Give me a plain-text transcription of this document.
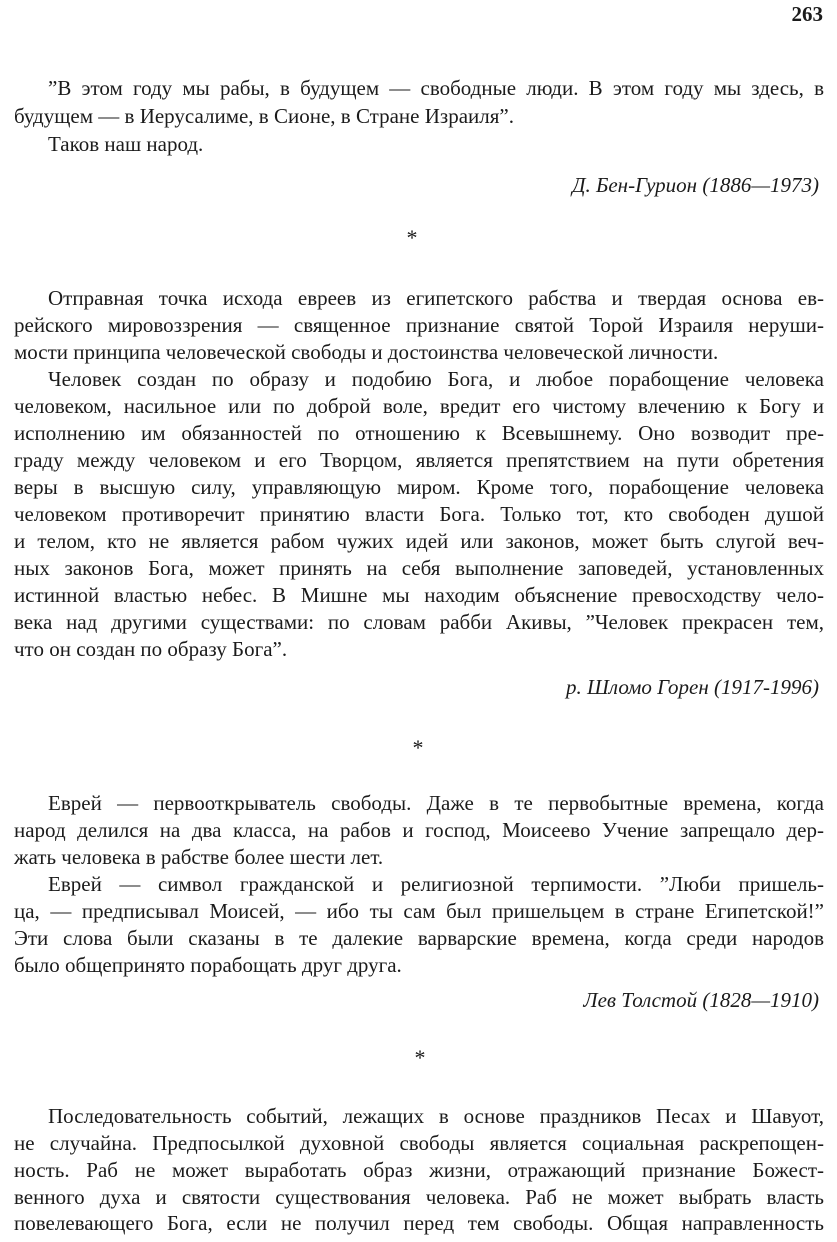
263
”В этом году мы рабы, в будущем — свободные люди. В этом году мы здесь, в
будущем — в Иерусалиме, в Сионе, в Стране Израиля”.
Таков наш народ.
Д. Бен-Гурион (1886—1973)
*
Отправная точка исхода евреев из египетского рабства и твердая основа ев-
рейского мировоззрения — священное признание святой Торой Израиля неруши-
мости принципа человеческой свободы и достоинства человеческой личности.
Человек создан по образу и подобию Бога, и любое порабощение человека
человеком, насильное или по доброй воле, вредит его чистому влечению к Богу и
исполнению им обязанностей по отношению к Всевышнему. Оно возводит пре-
граду между человеком и его Творцом, является препятствием на пути обретения
веры в высшую силу, управляющую миром. Кроме того, порабощение человека
человеком противоречит принятию власти Бога. Только тот, кто свободен душой
и телом, кто не является рабом чужих идей или законов, может быть слугой веч-
ных законов Бога, может принять на себя выполнение заповедей, установленных
истинной властью небес. В Мишне мы находим объяснение превосходству чело-
века над другими существами: по словам рабби Акивы, ”Человек прекрасен тем,
что он создан по образу Бога”.
р. Шломо Горен (1917-1996)
*
Еврей — первооткрыватель свободы. Даже в те первобытные времена, когда
народ делился на два класса, на рабов и господ, Моисеево Учение запрещало дер-
жать человека в рабстве более шести лет.
Еврей — символ гражданской и религиозной терпимости. ”Люби пришель-
ца, — предписывал Моисей, — ибо ты сам был пришельцем в стране Египетской!”
Эти слова были сказаны в те далекие варварские времена, когда среди народов
было общепринято порабощать друг друга.
Лев Толстой (1828—1910)
*
Последовательность событий, лежащих в основе праздников Песах и Шавуот,
не случайна. Предпосылкой духовной свободы является социальная раскрепощен-
ность. Раб не может выработать образ жизни, отражающий признание Божест-
венного духа и святости существования человека. Раб не может выбрать власть
повелевающего Бога, если не получил перед тем свободы. Общая направленность
